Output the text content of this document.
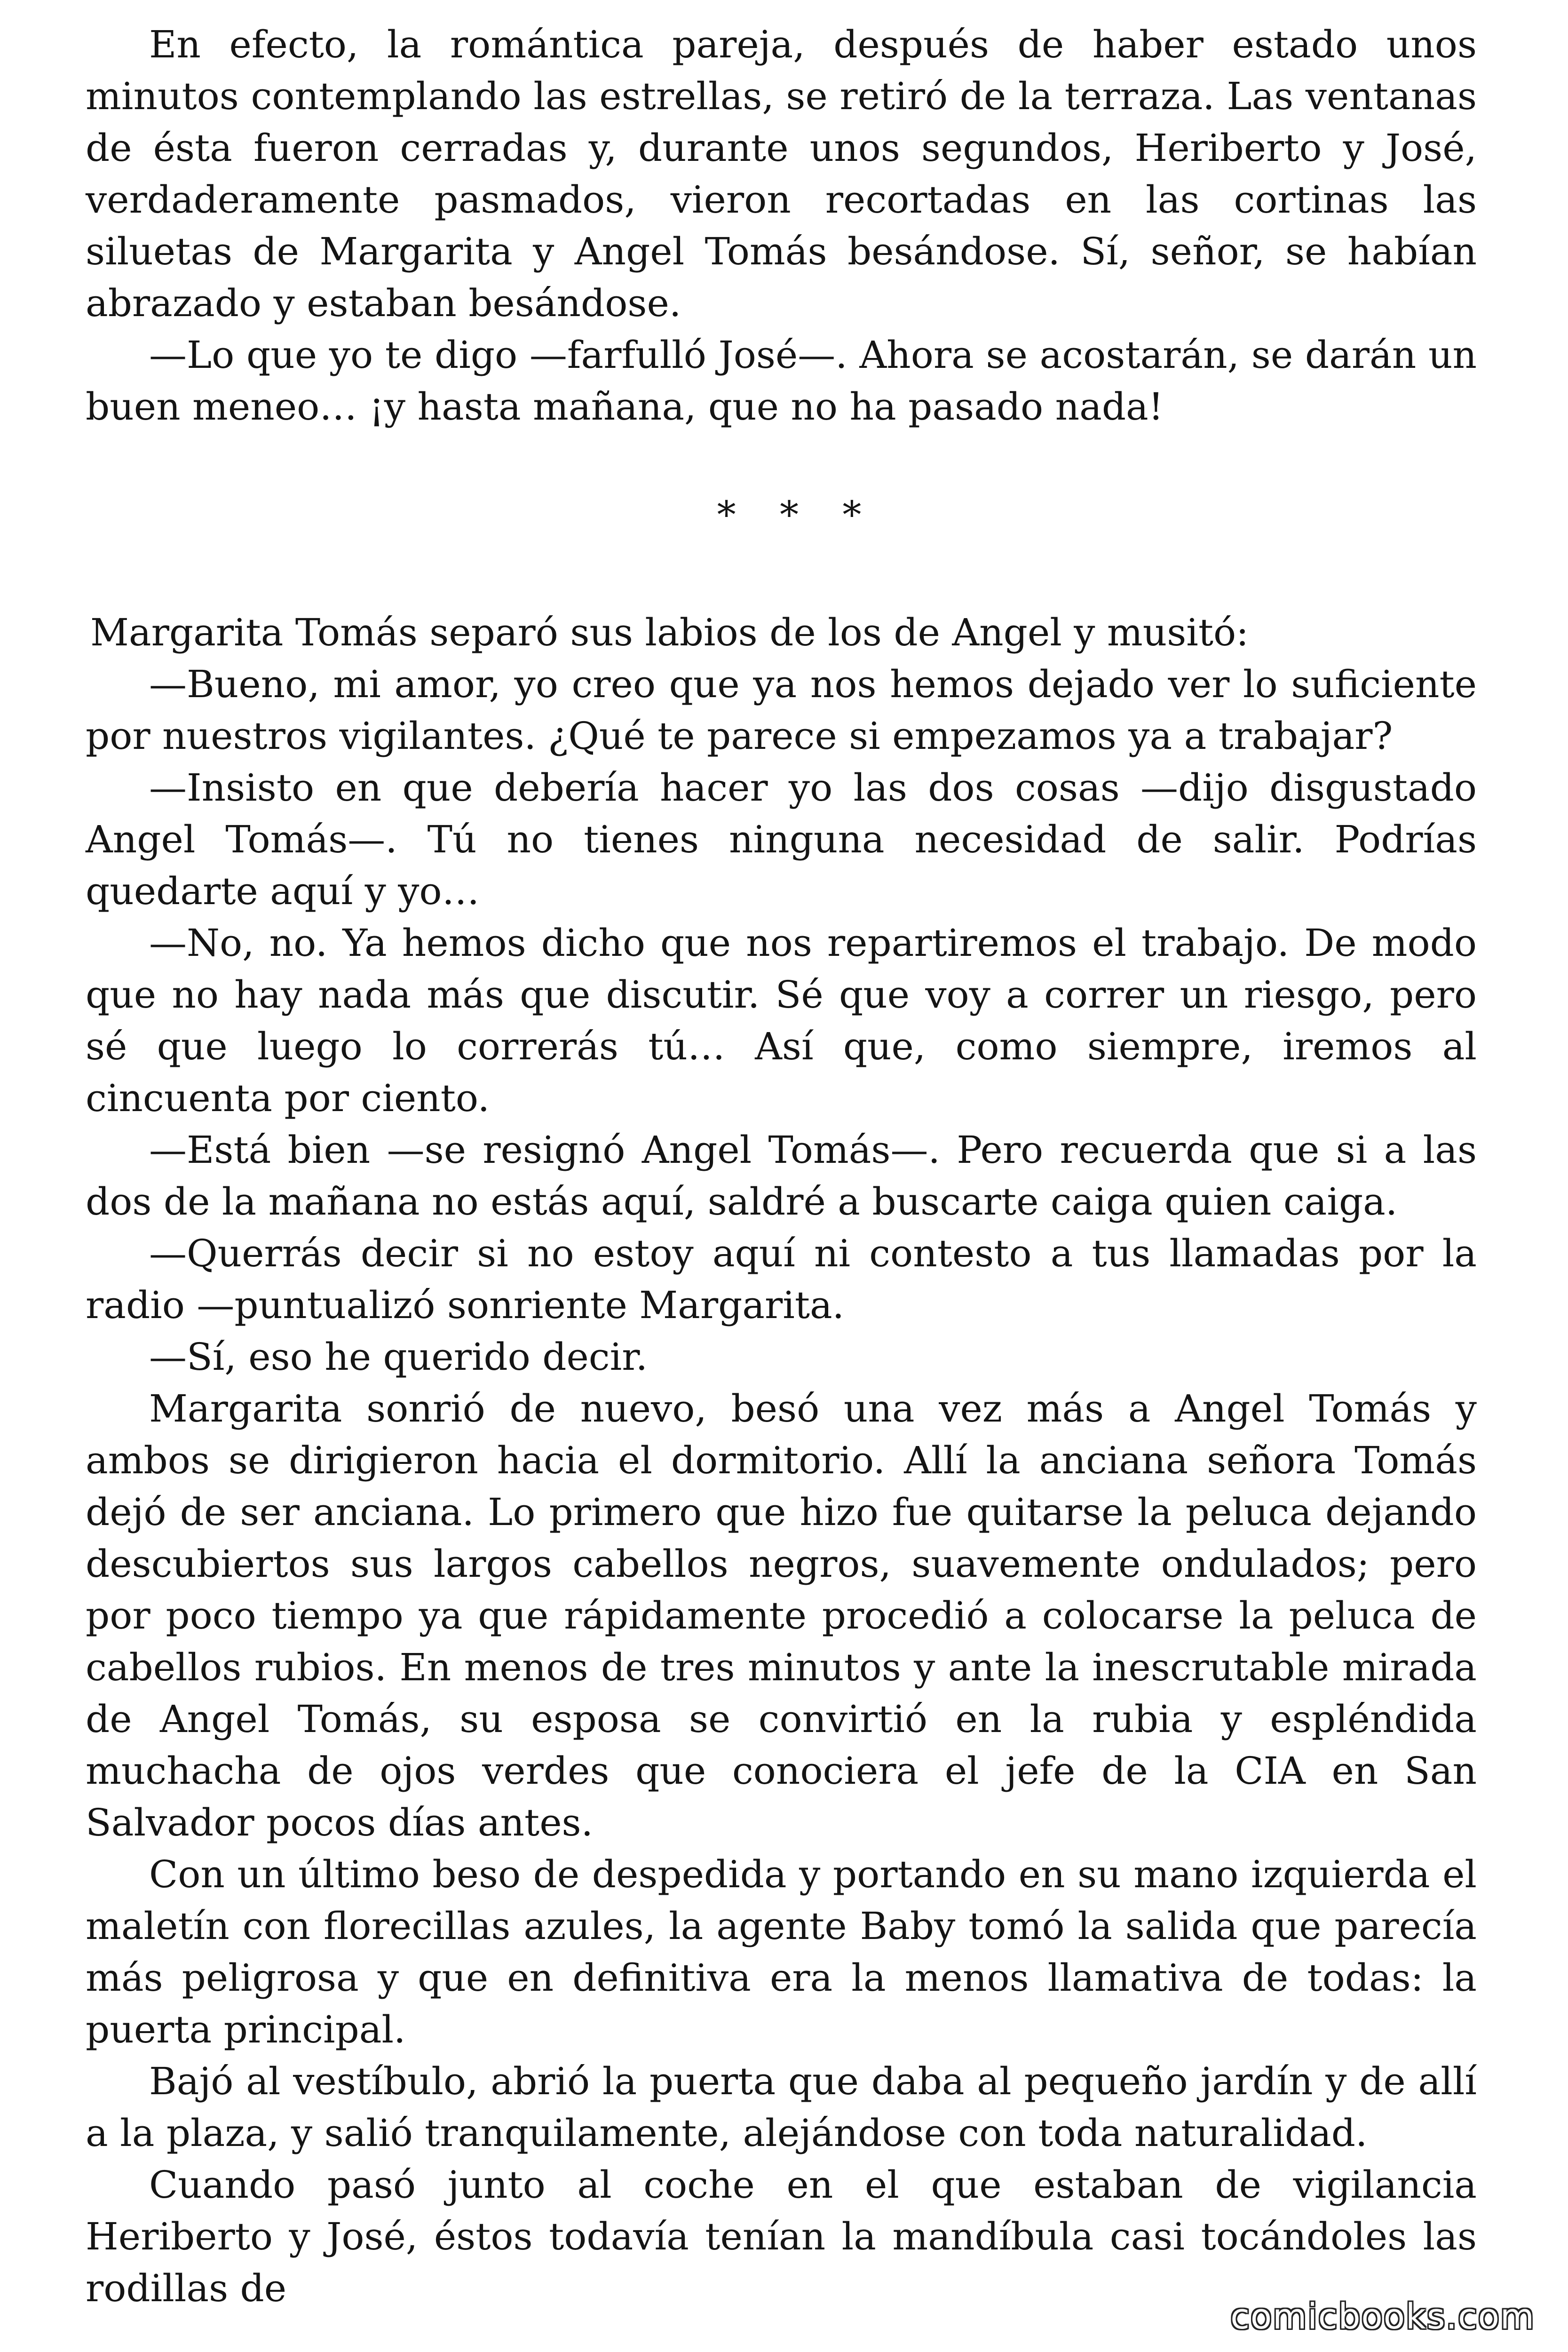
En efecto, la romántica pareja, después de haber estado unos minutos contemplando las estrellas, se retiró de la terraza. Las ventanas de ésta fueron cerradas y, durante unos segundos, Heriberto y José, verdaderamente pasmados, vieron recortadas en las cortinas las siluetas de Margarita y Angel Tomás besándose. Sí, señor, se habían abrazado y estaban besándose.

—Lo que yo te digo —farfulló José—. Ahora se acostarán, se darán un buen meneo… ¡y hasta mañana, que no ha pasado nada!

* * *

Margarita Tomás separó sus labios de los de Angel y musitó:

—Bueno, mi amor, yo creo que ya nos hemos dejado ver lo suficiente por nuestros vigilantes. ¿Qué te parece si empezamos ya a trabajar?

—Insisto en que debería hacer yo las dos cosas —dijo disgustado Angel Tomás—. Tú no tienes ninguna necesidad de salir. Podrías quedarte aquí y yo…

—No, no. Ya hemos dicho que nos repartiremos el trabajo. De modo que no hay nada más que discutir. Sé que voy a correr un riesgo, pero sé que luego lo correrás tú… Así que, como siempre, iremos al cincuenta por ciento.

—Está bien —se resignó Angel Tomás—. Pero recuerda que si a las dos de la mañana no estás aquí, saldré a buscarte caiga quien caiga.

—Querrás decir si no estoy aquí ni contesto a tus llamadas por la radio —puntualizó sonriente Margarita.

—Sí, eso he querido decir.

Margarita sonrió de nuevo, besó una vez más a Angel Tomás y ambos se dirigieron hacia el dormitorio. Allí la anciana señora Tomás dejó de ser anciana. Lo primero que hizo fue quitarse la peluca dejando descubiertos sus largos cabellos negros, suavemente ondulados; pero por poco tiempo ya que rápidamente procedió a colocarse la peluca de cabellos rubios. En menos de tres minutos y ante la inescrutable mirada de Angel Tomás, su esposa se convirtió en la rubia y espléndida muchacha de ojos verdes que conociera el jefe de la CIA en San Salvador pocos días antes.

Con un último beso de despedida y portando en su mano izquierda el maletín con florecillas azules, la agente Baby tomó la salida que parecía más peligrosa y que en definitiva era la menos llamativa de todas: la puerta principal.

Bajó al vestíbulo, abrió la puerta que daba al pequeño jardín y de allí a la plaza, y salió tranquilamente, alejándose con toda naturalidad.

Cuando pasó junto al coche en el que estaban de vigilancia Heriberto y José, éstos todavía tenían la mandíbula casi tocándoles las rodillas de

comicbooks.com
